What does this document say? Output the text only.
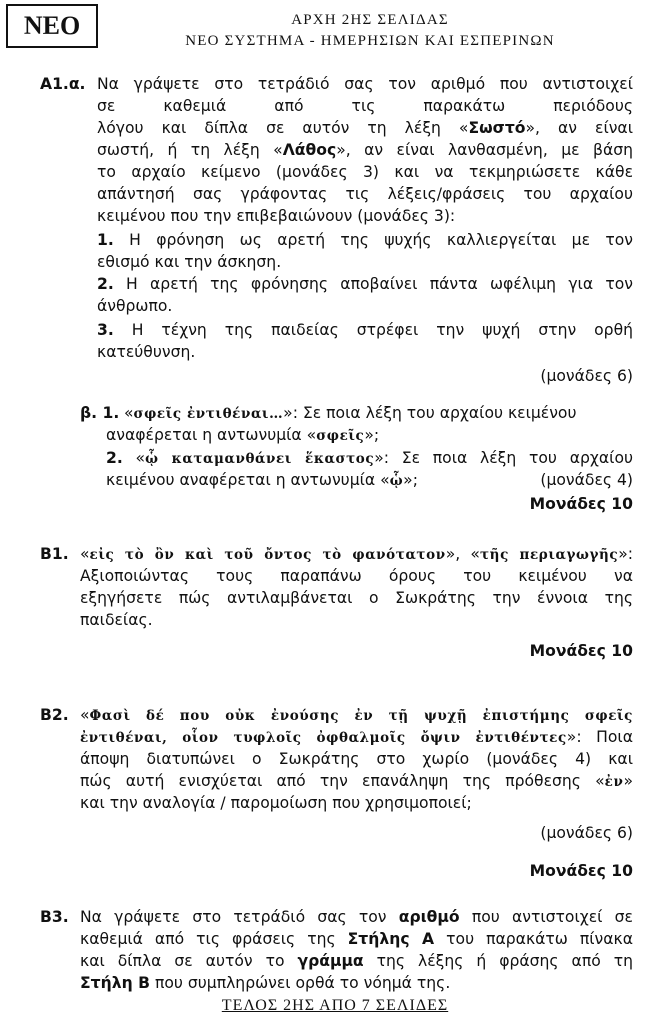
ΝΕΟ	ΑΡΧΗ 2ΗΣ ΣΕΛΙΔΑΣ
ΝΕΟ ΣΥΣΤΗΜΑ - ΗΜΕΡΗΣΙΩΝ ΚΑΙ ΕΣΠΕΡΙΝΩΝ
Α1.α. Να γράψετε στο τετράδιό σας τον αριθμό που αντιστοιχεί
σε καθεμιά από τις παρακάτω περιόδους
λόγου και δίπλα σε αυτόν τη λέξη «Σωστό», αν είναι
σωστή, ή τη λέξη «Λάθος», αν είναι λανθασμένη, με βάση
το αρχαίο κείμενο (μονάδες 3) και να τεκμηριώσετε κάθε
απάντησή σας γράφοντας τις λέξεις/φράσεις του αρχαίου
κειμένου που την επιβεβαιώνουν (μονάδες 3):
1. Η φρόνηση ως αρετή της ψυχής καλλιεργείται με τον
εθισμό και την άσκηση.
2. Η αρετή της φρόνησης αποβαίνει πάντα ωφέλιμη για τον
άνθρωπο.
3. Η τέχνη της παιδείας στρέφει την ψυχή στην ορθή
κατεύθυνση.
(μονάδες 6)
β. 1. «σφεῖς ἐντιθέναι…»: Σε ποια λέξη του αρχαίου κειμένου
αναφέρεται η αντωνυμία «σφεῖς»;
2. «ᾧ καταμανθάνει ἕκαστος»: Σε ποια λέξη του αρχαίου
κειμένου αναφέρεται η αντωνυμία «ᾧ»;	(μονάδες 4)
Μονάδες 10
Β1. «εἰς τὸ ὂν καὶ τοῦ ὄντος τὸ φανότατον», «τῆς περιαγωγῆς»:
Αξιοποιώντας τους παραπάνω όρους του κειμένου να
εξηγήσετε πώς αντιλαμβάνεται ο Σωκράτης την έννοια της
παιδείας.
Μονάδες 10
Β2. «Φασὶ δέ που οὐκ ἐνούσης ἐν τῇ ψυχῇ ἐπιστήμης σφεῖς
ἐντιθέναι, οἷον τυφλοῖς ὀφθαλμοῖς ὄψιν ἐντιθέντες»: Ποια
άποψη διατυπώνει ο Σωκράτης στο χωρίο (μονάδες 4) και
πώς αυτή ενισχύεται από την επανάληψη της πρόθεσης «ἐν»
και την αναλογία / παρομοίωση που χρησιμοποιεί;
(μονάδες 6)
Μονάδες 10
Β3. Να γράψετε στο τετράδιό σας τον αριθμό που αντιστοιχεί σε
καθεμιά από τις φράσεις της Στήλης Α του παρακάτω πίνακα
και δίπλα σε αυτόν το γράμμα της λέξης ή φράσης από τη
Στήλη Β που συμπληρώνει ορθά το νόημά της.
ΤΕΛΟΣ 2ΗΣ ΑΠΟ 7 ΣΕΛΙΔΕΣ
